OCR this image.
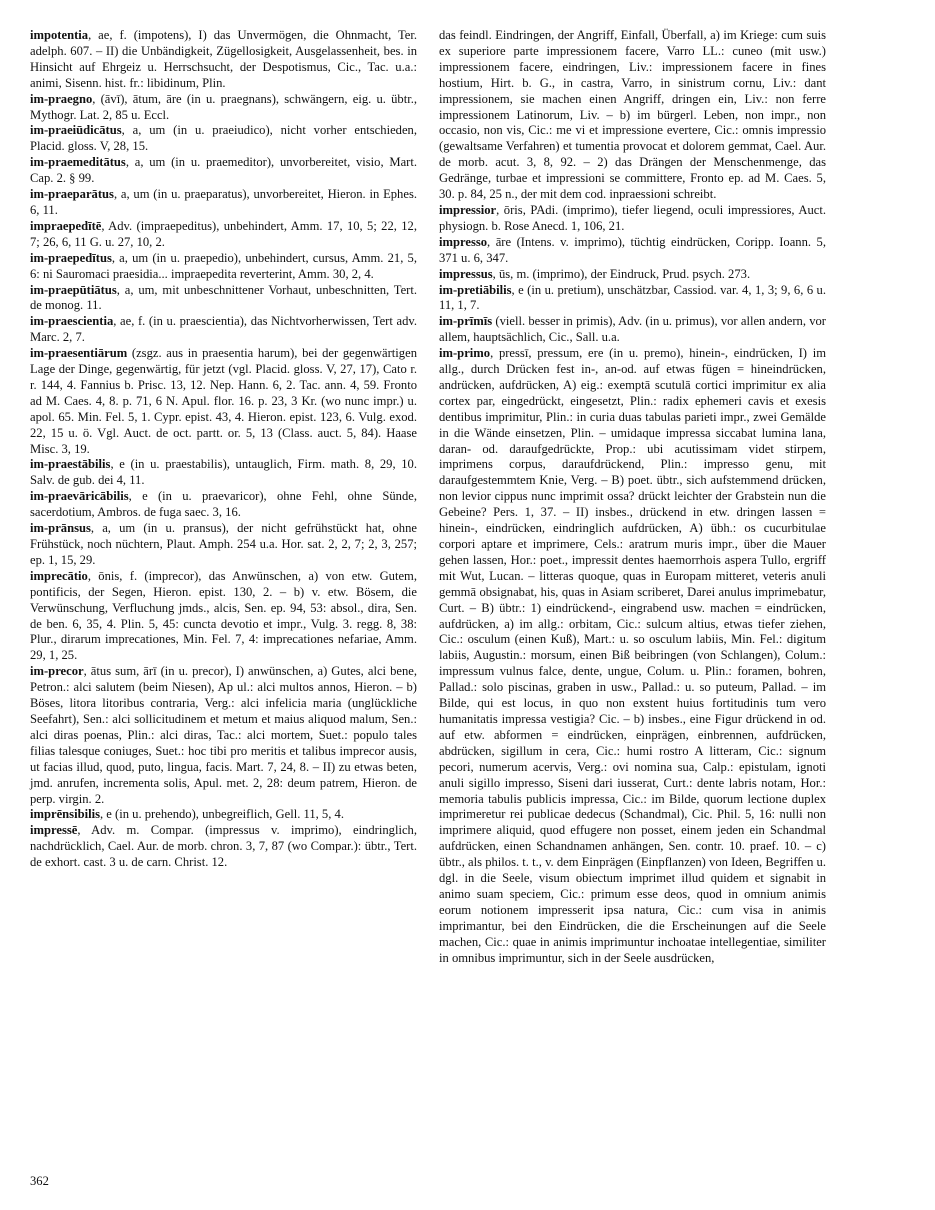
impotentia, ae, f. (impotens), I) das Unvermögen, die Ohnmacht, Ter. adelph. 607. – II) die Unbändigkeit, Zügellosigkeit, Ausgelassenheit, bes. in Hinsicht auf Ehrgeiz u. Herrschsucht, der Despotismus, Cic., Tac. u.a.: animi, Sisenn. hist. fr.: libidinum, Plin.

im-praegno, (āvī), ātum, āre (in u. praegnans), schwängern, eig. u. übtr., Mythogr. Lat. 2, 85 u. Eccl.

im-praeiūdicātus, a, um (in u. praeiudico), nicht vorher entschieden, Placid. gloss. V, 28, 15.

im-praemeditātus, a, um (in u. praemeditor), unvorbereitet, visio, Mart. Cap. 2. § 99.

im-praeparātus, a, um (in u. praeparatus), unvorbereitet, Hieron. in Ephes. 6, 11.

impraepedītē, Adv. (impraepeditus), unbehindert, Amm. 17, 10, 5; 22, 12, 7; 26, 6, 11 G. u. 27, 10, 2.

im-praepedītus, a, um (in u. praepedio), unbehindert, cursus, Amm. 21, 5, 6: ni Sauromaci praesidia... impraepedita reverterint, Amm. 30, 2, 4.

im-praepūtiātus, a, um, mit unbeschnittener Vorhaut, unbeschnitten, Tert. de monog. 11.

im-praescientia, ae, f. (in u. praescientia), das Nichtvorherwissen, Tert adv. Marc. 2, 7.

im-praesentiārum (zsgz. aus in praesentia harum), bei der gegenwärtigen Lage der Dinge, gegenwärtig, für jetzt (vgl. Placid. gloss. V, 27, 17), Cato r. r. 144, 4. Fannius b. Prisc. 13, 12. Nep. Hann. 6, 2. Tac. ann. 4, 59. Fronto ad M. Caes. 4, 8. p. 71, 6 N. Apul. flor. 16. p. 23, 3 Kr. (wo nunc impr.) u. apol. 65. Min. Fel. 5, 1. Cypr. epist. 43, 4. Hieron. epist. 123, 6. Vulg. exod. 22, 15 u. ö. Vgl. Auct. de oct. partt. or. 5, 13 (Class. auct. 5, 84). Haase Misc. 3, 19.

im-praestābilis, e (in u. praestabilis), untauglich, Firm. math. 8, 29, 10. Salv. de gub. dei 4, 11.

im-praevāricābilis, e (in u. praevaricor), ohne Fehl, ohne Sünde, sacerdotium, Ambros. de fuga saec. 3, 16.

im-prānsus, a, um (in u. pransus), der nicht gefrühstückt hat, ohne Frühstück, noch nüchtern, Plaut. Amph. 254 u.a. Hor. sat. 2, 2, 7; 2, 3, 257; ep. 1, 15, 29.

imprecātio, ōnis, f. (imprecor), das Anwünschen, a) von etw. Gutem, pontificis, der Segen, Hieron. epist. 130, 2. – b) v. etw. Bösem, die Verwünschung, Verfluchung jmds., alcis, Sen. ep. 94, 53: absol., dira, Sen. de ben. 6, 35, 4. Plin. 5, 45: cuncta devotio et impr., Vulg. 3. regg. 8, 38: Plur., dirarum imprecationes, Min. Fel. 7, 4: imprecationes nefariae, Amm. 29, 1, 25.

im-precor, ātus sum, ārī (in u. precor), I) anwünschen, a) Gutes, alci bene, Petron.: alci salutem (beim Niesen), Ap ul.: alci multos annos, Hieron. – b) Böses, litora litoribus contraria, Verg.: alci infelicia maria (unglückliche Seefahrt), Sen.: alci sollicitudinem et metum et maius aliquod malum, Sen.: alci diras poenas, Plin.: alci diras, Tac.: alci mortem, Suet.: populo tales filias talesque coniuges, Suet.: hoc tibi pro meritis et talibus imprecor ausis, ut facias illud, quod, puto, lingua, facis. Mart. 7, 24, 8. – II) zu etwas beten, jmd. anrufen, incrementa solis, Apul. met. 2, 28: deum patrem, Hieron. de perp. virgin. 2.

imprēnsibilis, e (in u. prehendo), unbegreiflich, Gell. 11, 5, 4.

impressē, Adv. m. Compar. (impressus v. imprimo), eindringlich, nachdrücklich, Cael. Aur. de morb. chron. 3, 7, 87 (wo Compar.): übtr., Tert. de exhort. cast. 3 u. de carn. Christ. 12.

das feindl. Eindringen, der Angriff, Einfall, Überfall, a) im Kriege: cum suis ex superiore parte impressionem facere, Varro LL.: cuneo (mit usw.) impressionem facere, eindringen, Liv.: impressionem facere in fines hostium, Hirt. b. G., in castra, Varro, in sinistrum cornu, Liv.: dant impressionem, sie machen einen Angriff, dringen ein, Liv.: non ferre impressionem Latinorum, Liv. – b) im bürgerl. Leben, non impr., non occasio, non vis, Cic.: me vi et impressione evertere, Cic.: omnis impressio (gewaltsame Verfahren) et tumentia provocat et dolorem gemmat, Cael. Aur. de morb. acut. 3, 8, 92. – 2) das Drängen der Menschenmenge, das Gedränge, turbae et impressioni se committere, Fronto ep. ad M. Caes. 5, 30. p. 84, 25 n., der mit dem cod. inpraessioni schreibt.

impressior, ōris, PAdi. (imprimo), tiefer liegend, oculi impressiores, Auct. physiogn. b. Rose Anecd. 1, 106, 21.

impresso, āre (Intens. v. imprimo), tüchtig eindrücken, Coripp. Ioann. 5, 371 u. 6, 347.

impressus, ūs, m. (imprimo), der Eindruck, Prud. psych. 273.

im-pretiābilis, e (in u. pretium), unschätzbar, Cassiod. var. 4, 1, 3; 9, 6, 6 u. 11, 1, 7.

im-prīmīs (viell. besser in primis), Adv. (in u. primus), vor allen andern, vor allem, hauptsächlich, Cic., Sall. u.a.

im-primo, pressī, pressum, ere (in u. premo), hinein-, eindrücken, I) im allg., durch Drücken fest in-, an-od. auf etwas fügen = hineindrücken, andrücken, aufdrücken, A) eig.: exemptā scutulā cortici imprimitur ex alia cortex par, eingedrückt, eingesetzt, Plin.: radix ephemeri cavis et exesis dentibus imprimitur, Plin.: in curia duas tabulas parieti impr., zwei Gemälde in die Wände einsetzen, Plin. – umidaque impressa siccabat lumina lana, daran- od. daraufgedrückte, Prop.: ubi acutissimam videt stirpem, imprimens corpus, daraufdrückend, Plin.: impresso genu, mit daraufgestemmtem Knie, Verg. – B) poet. übtr., sich aufstemmend drücken, non levior cippus nunc imprimit ossa? drückt leichter der Grabstein nun die Gebeine? Pers. 1, 37. – II) insbes., drückend in etw. dringen lassen = hinein-, eindrücken, eindringlich aufdrücken, A) übh.: os cucurbitulae corpori aptare et imprimere, Cels.: aratrum muris impr., über die Mauer gehen lassen, Hor.: poet., impressit dentes haemorrhois aspera Tullo, ergriff mit Wut, Lucan. – litteras quoque, quas in Europam mitteret, veteris anuli gemmā obsignabat, his, quas in Asiam scriberet, Darei anulus imprimebatur, Curt. – B) übtr.: 1) eindrückend-, eingrabend usw. machen = eindrücken, aufdrücken, a) im allg.: orbitam, Cic.: sulcum altius, etwas tiefer ziehen, Cic.: osculum (einen Kuß), Mart.: u. so osculum labiis, Min. Fel.: digitum labiis, Augustin.: morsum, einen Biß beibringen (von Schlangen), Colum.: impressum vulnus falce, dente, ungue, Colum. u. Plin.: foramen, bohren, Pallad.: solo piscinas, graben in usw., Pallad.: u. so puteum, Pallad. – im Bilde, qui est locus, in quo non exstent huius fortitudinis tum vero humanitatis impressa vestigia? Cic. – b) insbes., eine Figur drückend in od. auf etw. abformen = eindrücken, einprägen, einbrennen, aufdrücken, abdrücken, sigillum in cera, Cic.: humi rostro A litteram, Cic.: signum pecori, numerum acervis, Verg.: ovi nomina sua, Calp.: epistulam, ignoti anuli sigillo impresso, Siseni dari iusserat, Curt.: dente labris notam, Hor.: memoria tabulis publicis impressa, Cic.: im Bilde, quorum lectione duplex imprimeretur rei publicae dedecus (Schandmal), Cic. Phil. 5, 16: nulli non imprimere aliquid, quod effugere non posset, einem jeden ein Schandmal aufdrücken, einen Schandnamen anhängen, Sen. contr. 10. praef. 10. – c) übtr., als philos. t. t., v. dem Einprägen (Einpflanzen) von Ideen, Begriffen u. dgl. in die Seele, visum obiectum imprimet illud quidem et signabit in animo suam speciem, Cic.: primum esse deos, quod in omnium animis eorum notionem impresserit ipsa natura, Cic.: cum visa in animis imprimantur, bei den Eindrücken, die die Erscheinungen auf die Seele machen, Cic.: quae in animis imprimuntur inchoatae intellegentiae, similiter in omnibus imprimuntur, sich in der Seele ausdrücken,

362
